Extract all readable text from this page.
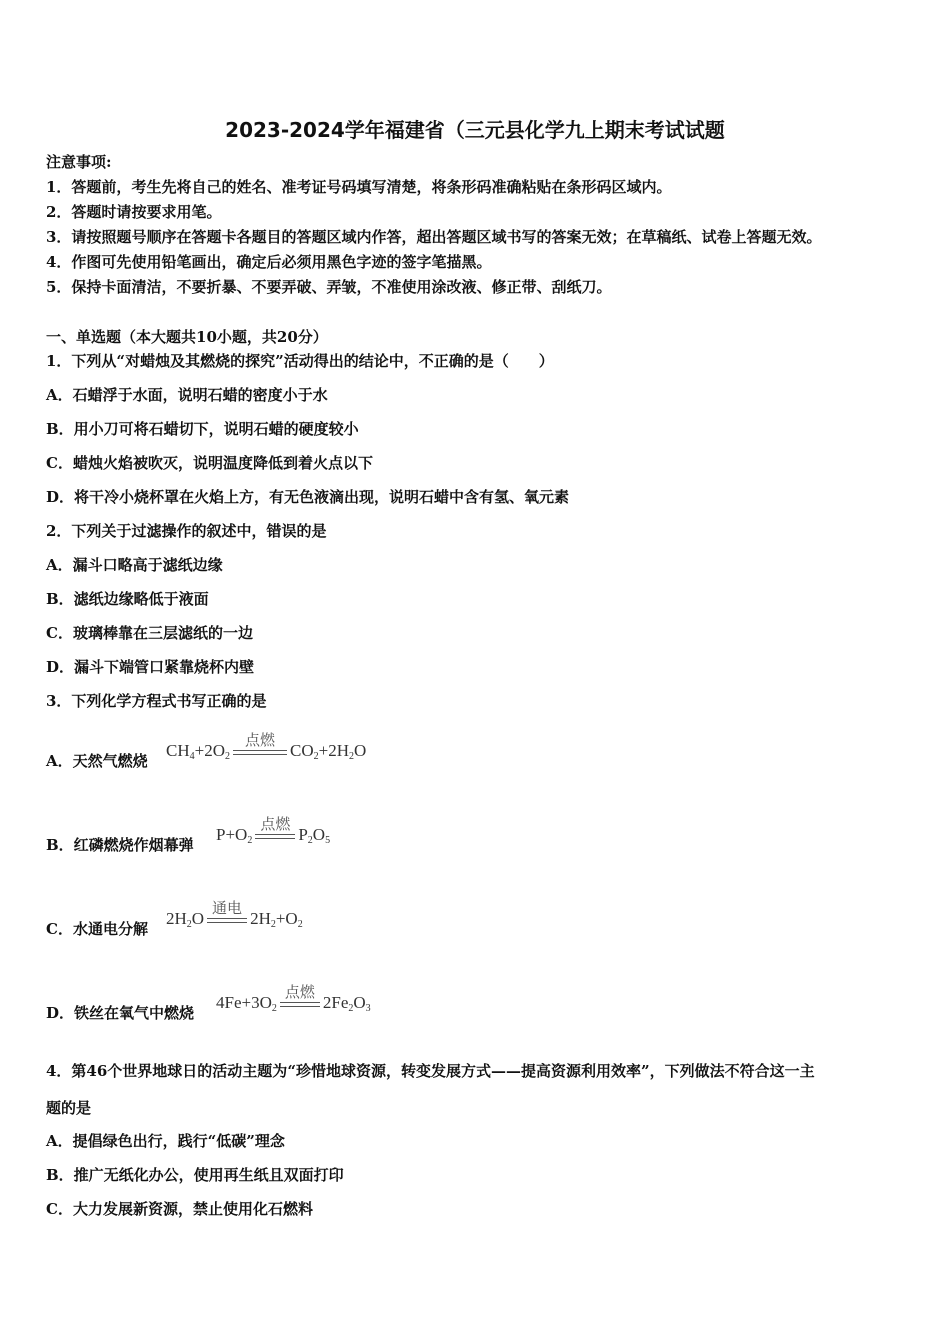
2023-2024学年福建省（三元县化学九上期末考试试题
注意事项:
1．答题前，考生先将自己的姓名、准考证号码填写清楚，将条形码准确粘贴在条形码区域内。
2．答题时请按要求用笔。
3．请按照题号顺序在答题卡各题目的答题区域内作答，超出答题区域书写的答案无效；在草稿纸、试卷上答题无效。
4．作图可先使用铅笔画出，确定后必须用黑色字迹的签字笔描黑。
5．保持卡面清洁，不要折暴、不要弄破、弄皱，不准使用涂改液、修正带、刮纸刀。
一、单选题（本大题共10小题，共20分）
1．下列从“对蜡烛及其燃烧的探究”活动得出的结论中，不正确的是（　　）
A．石蜡浮于水面，说明石蜡的密度小于水
B．用小刀可将石蜡切下，说明石蜡的硬度较小
C．蜡烛火焰被吹灭，说明温度降低到着火点以下
D．将干冷小烧杯罩在火焰上方，有无色液滴出现，说明石蜡中含有氢、氧元素
2．下列关于过滤操作的叙述中，错误的是
A．漏斗口略高于滤纸边缘
B．滤纸边缘略低于液面
C．玻璃棒靠在三层滤纸的一边
D．漏斗下端管口紧靠烧杯内壁
3．下列化学方程式书写正确的是
A．天然气燃烧
$CH_4+2O_2$
点燃
$CO_2+2H_2O$
B．红磷燃烧作烟幕弹
$P+O_2$
点燃
$P_2O_5$
C．水通电分解
$2H_2O$
通电
$2H_2+O_2$
D．铁丝在氧气中燃烧
$4Fe+3O_2$
点燃
$2Fe_2O_3$
4．第46个世界地球日的活动主题为“珍惜地球资源，转变发展方式——提高资源利用效率”，下列做法不符合这一主
题的是
A．提倡绿色出行，践行“低碳”理念
B．推广无纸化办公，使用再生纸且双面打印
C．大力发展新资源，禁止使用化石燃料
